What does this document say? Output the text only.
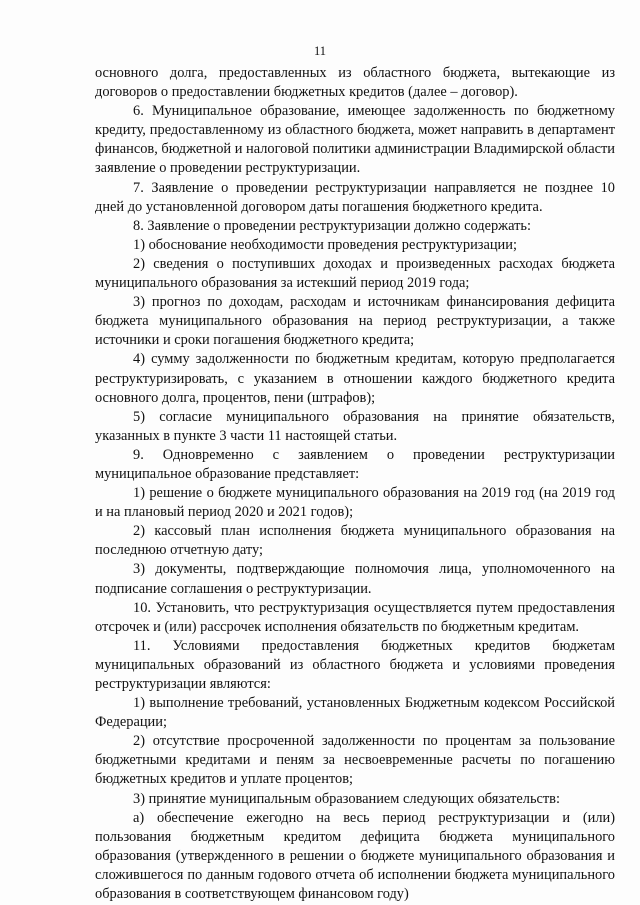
11

основного долга, предоставленных из областного бюджета, вытекающие из договоров о предоставлении бюджетных кредитов (далее – договор).

6. Муниципальное образование, имеющее задолженность по бюджетному кредиту, предоставленному из областного бюджета, может направить в департамент финансов, бюджетной и налоговой политики администрации Владимирской области заявление о проведении реструктуризации.

7. Заявление о проведении реструктуризации направляется не позднее 10 дней до установленной договором даты погашения бюджетного кредита.

8. Заявление о проведении реструктуризации должно содержать:

1) обоснование необходимости проведения реструктуризации;

2) сведения о поступивших доходах и произведенных расходах бюджета муниципального образования за истекший период 2019 года;

3) прогноз по доходам, расходам и источникам финансирования дефицита бюджета муниципального образования на период реструктуризации, а также источники и сроки погашения бюджетного кредита;

4) сумму задолженности по бюджетным кредитам, которую предполагается реструктуризировать, с указанием в отношении каждого бюджетного кредита основного долга, процентов, пени (штрафов);

5) согласие муниципального образования на принятие обязательств, указанных в пункте 3 части 11 настоящей статьи.

9. Одновременно с заявлением о проведении реструктуризации муниципальное образование представляет:

1) решение о бюджете муниципального образования на 2019 год (на 2019 год и на плановый период 2020 и 2021 годов);

2) кассовый план исполнения бюджета муниципального образования на последнюю отчетную дату;

3) документы, подтверждающие полномочия лица, уполномоченного на подписание соглашения о реструктуризации.

10. Установить, что реструктуризация осуществляется путем предоставления отсрочек и (или) рассрочек исполнения обязательств по бюджетным кредитам.

11. Условиями предоставления бюджетных кредитов бюджетам муниципальных образований из областного бюджета и условиями проведения реструктуризации являются:

1) выполнение требований, установленных Бюджетным кодексом Российской Федерации;

2) отсутствие просроченной задолженности по процентам за пользование бюджетными кредитами и пеням за несвоевременные расчеты по погашению бюджетных кредитов и уплате процентов;

3) принятие муниципальным образованием следующих обязательств:

а) обеспечение ежегодно на весь период реструктуризации и (или) пользования бюджетным кредитом дефицита бюджета муниципального образования (утвержденного в решении о бюджете муниципального образования и сложившегося по данным годового отчета об исполнении бюджета муниципального образования в соответствующем финансовом году)
